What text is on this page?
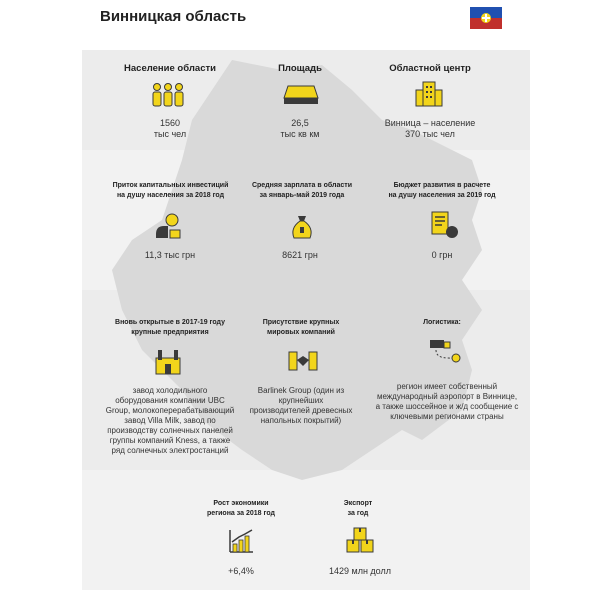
Винницкая область
Население области
1560
тыс чел
Площадь
26,5
тыс кв км
Областной центр
Винница – население
370 тыс чел
Приток капитальных инвестиций
на душу населения за 2018 год
11,3 тыс грн
Средняя зарплата в области
за январь-май 2019 года
8621 грн
Бюджет развития в расчете
на душу населения за 2019 год
0 грн
Вновь открытые в 2017-19 году
крупные предприятия
завод холодильного
оборудования компании UBC
Group, молокоперерабатывающий
завод Villa Milk, завод по
производству солнечных панелей
группы компаний Kness, а также
ряд солнечных электростанций
Присутствие крупных
мировых компаний
Barlinek Group (один из
крупнейших
производителей древесных
напольных покрытий)
Логистика:
регион имеет собственный
международный аэропорт в Виннице,
а также шоссейное и ж/д сообщение с
ключевыми регионами страны
Рост экономики
региона за 2018 год
+6,4%
Экспорт
за год
1429 млн долл
